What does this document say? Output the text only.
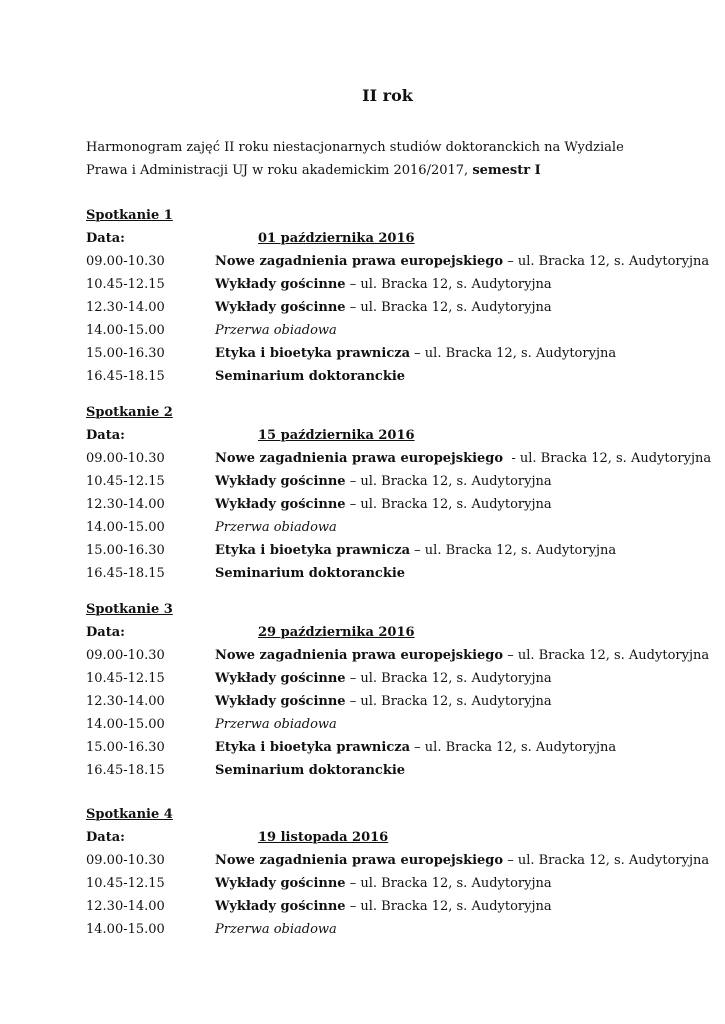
II rok
Harmonogram zajęć II roku niestacjonarnych studiów doktoranckich na Wydziale
Prawa i Administracji UJ w roku akademickim 2016/2017, semestr I
Spotkanie 1
Data:	01 października 2016
09.00-10.30	Nowe zagadnienia prawa europejskiego – ul. Bracka 12, s. Audytoryjna
10.45-12.15	Wykłady gościnne – ul. Bracka 12, s. Audytoryjna
12.30-14.00	Wykłady gościnne – ul. Bracka 12, s. Audytoryjna
14.00-15.00	Przerwa obiadowa
15.00-16.30	Etyka i bioetyka prawnicza – ul. Bracka 12, s. Audytoryjna
16.45-18.15	Seminarium doktoranckie
Spotkanie 2
Data:	15 października 2016
09.00-10.30	Nowe zagadnienia prawa europejskiego  - ul. Bracka 12, s. Audytoryjna
10.45-12.15	Wykłady gościnne – ul. Bracka 12, s. Audytoryjna
12.30-14.00	Wykłady gościnne – ul. Bracka 12, s. Audytoryjna
14.00-15.00	Przerwa obiadowa
15.00-16.30	Etyka i bioetyka prawnicza – ul. Bracka 12, s. Audytoryjna
16.45-18.15	Seminarium doktoranckie
Spotkanie 3
Data:	29 października 2016
09.00-10.30	Nowe zagadnienia prawa europejskiego – ul. Bracka 12, s. Audytoryjna
10.45-12.15	Wykłady gościnne – ul. Bracka 12, s. Audytoryjna
12.30-14.00	Wykłady gościnne – ul. Bracka 12, s. Audytoryjna
14.00-15.00	Przerwa obiadowa
15.00-16.30	Etyka i bioetyka prawnicza – ul. Bracka 12, s. Audytoryjna
16.45-18.15	Seminarium doktoranckie
Spotkanie 4
Data:	19 listopada 2016
09.00-10.30	Nowe zagadnienia prawa europejskiego – ul. Bracka 12, s. Audytoryjna
10.45-12.15	Wykłady gościnne – ul. Bracka 12, s. Audytoryjna
12.30-14.00	Wykłady gościnne – ul. Bracka 12, s. Audytoryjna
14.00-15.00	Przerwa obiadowa
